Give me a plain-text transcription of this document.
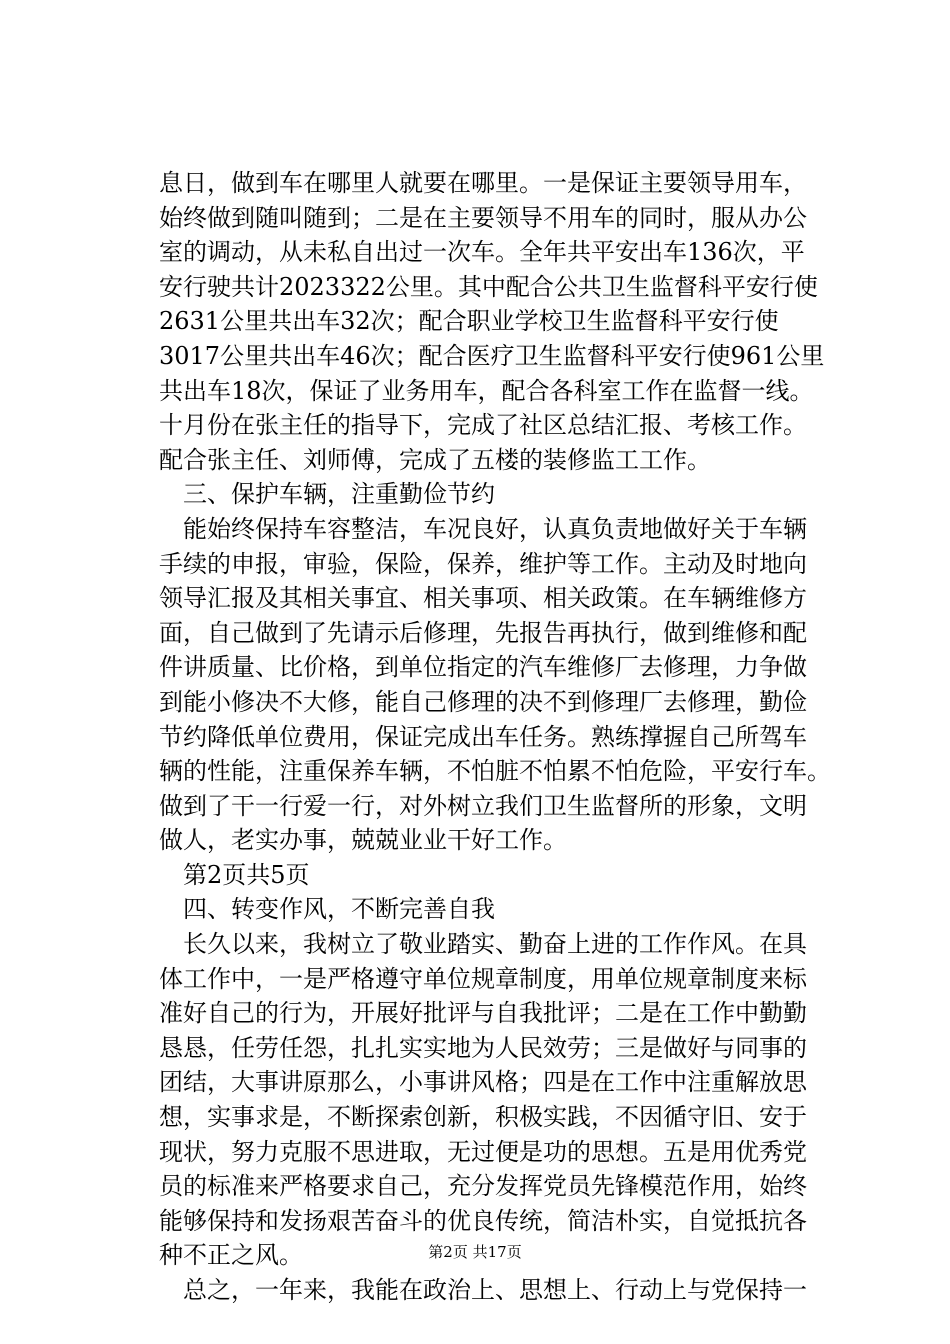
息日，做到车在哪里人就要在哪里。一是保证主要领导用车，
始终做到随叫随到；二是在主要领导不用车的同时，服从办公
室的调动，从未私自出过一次车。全年共平安出车136次，平
安行驶共计2023322公里。其中配合公共卫生监督科平安行使
2631公里共出车32次；配合职业学校卫生监督科平安行使
3017公里共出车46次；配合医疗卫生监督科平安行使961公里
共出车18次，保证了业务用车，配合各科室工作在监督一线。
十月份在张主任的指导下，完成了社区总结汇报、考核工作。
配合张主任、刘师傅，完成了五楼的装修监工工作。
三、保护车辆，注重勤俭节约
能始终保持车容整洁，车况良好，认真负责地做好关于车辆
手续的申报，审验，保险，保养，维护等工作。主动及时地向
领导汇报及其相关事宜、相关事项、相关政策。在车辆维修方
面，自己做到了先请示后修理，先报告再执行，做到维修和配
件讲质量、比价格，到单位指定的汽车维修厂去修理，力争做
到能小修决不大修，能自己修理的决不到修理厂去修理，勤俭
节约降低单位费用，保证完成出车任务。熟练撑握自己所驾车
辆的性能，注重保养车辆，不怕脏不怕累不怕危险，平安行车。
做到了干一行爱一行，对外树立我们卫生监督所的形象，文明
做人，老实办事，兢兢业业干好工作。
第2页共5页
四、转变作风，不断完善自我
长久以来，我树立了敬业踏实、勤奋上进的工作作风。在具
体工作中，一是严格遵守单位规章制度，用单位规章制度来标
准好自己的行为，开展好批评与自我批评；二是在工作中勤勤
恳恳，任劳任怨，扎扎实实地为人民效劳；三是做好与同事的
团结，大事讲原那么，小事讲风格；四是在工作中注重解放思
想，实事求是，不断探索创新，积极实践，不因循守旧、安于
现状，努力克服不思进取，无过便是功的思想。五是用优秀党
员的标准来严格要求自己，充分发挥党员先锋模范作用，始终
能够保持和发扬艰苦奋斗的优良传统，简洁朴实，自觉抵抗各
种不正之风。
总之，一年来，我能在政治上、思想上、行动上与党保持一
第2页 共17页
